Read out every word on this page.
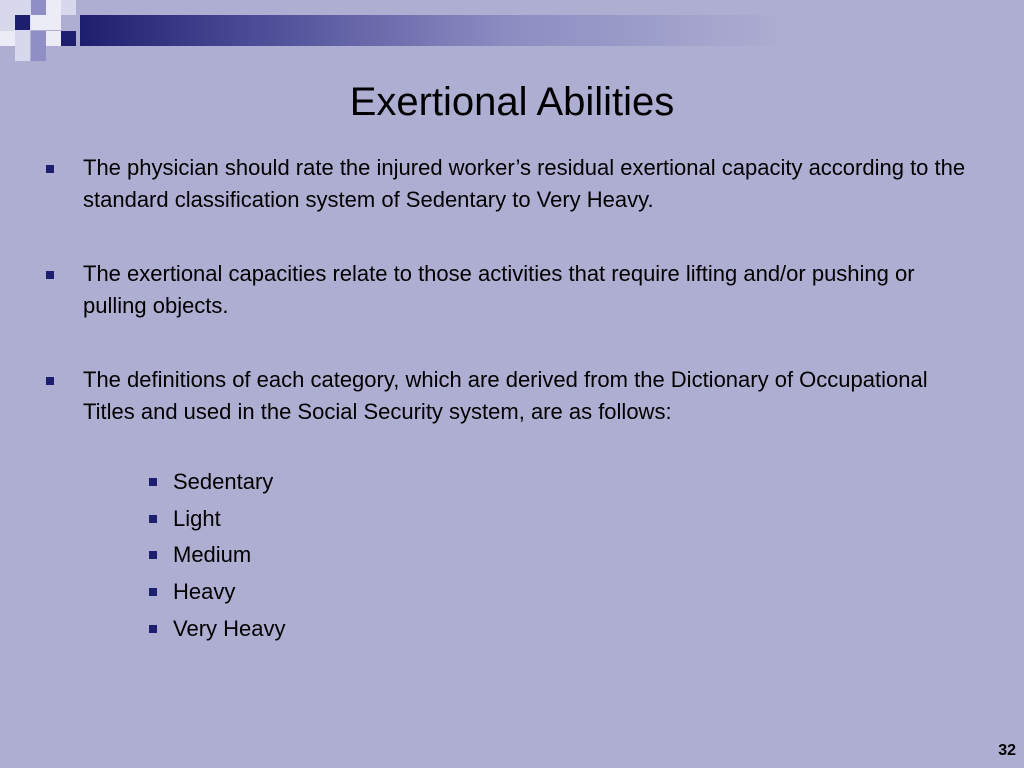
Exertional Abilities
The physician should rate the injured worker’s residual exertional capacity according to the standard classification system of Sedentary to Very Heavy.
The exertional capacities relate to those activities that require lifting and/or pushing or pulling objects.
The definitions of each category, which are derived from the Dictionary of Occupational Titles and used in the Social Security system, are as follows:
Sedentary
Light
Medium
Heavy
Very Heavy
32
